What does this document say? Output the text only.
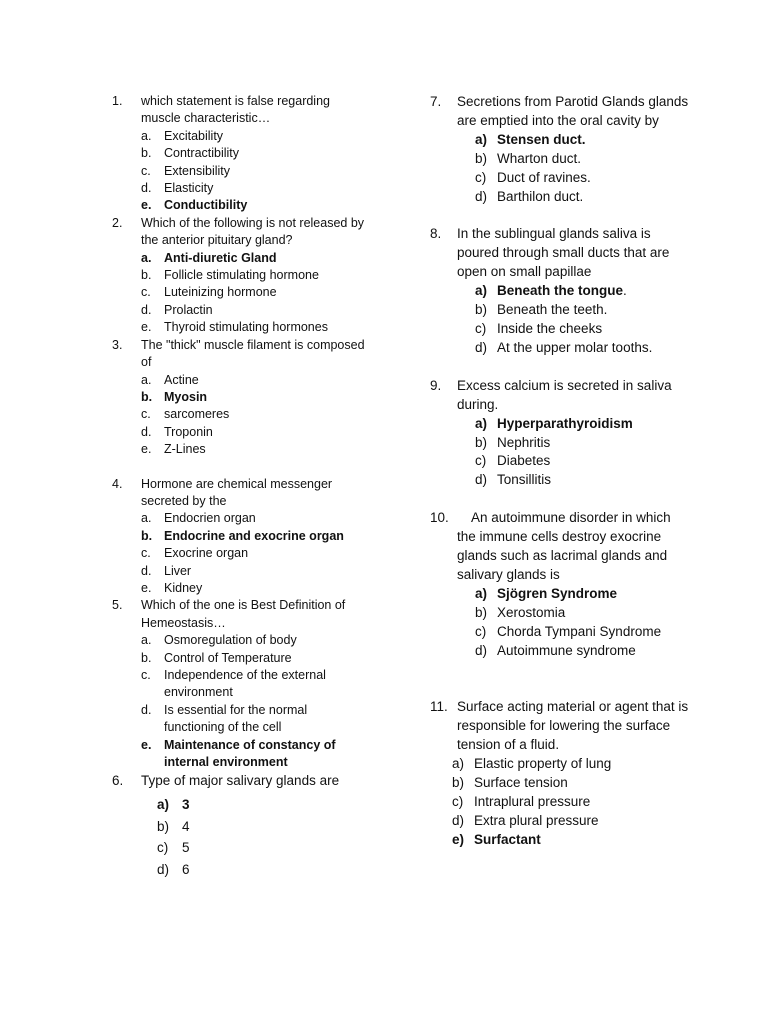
1.	which statement is false regarding muscle characteristic…
a.	Excitability
b.	Contractibility
c.	Extensibility
d.	Elasticity
e.	Conductibility
2.	Which of the following is not released by the anterior pituitary gland?
a.	Anti-diuretic Gland
b.	Follicle stimulating hormone
c.	Luteinizing hormone
d.	Prolactin
e.	Thyroid stimulating hormones
3.	The "thick" muscle filament is composed of
a.	Actine
b. Myosin
c.	sarcomeres
d.	Troponin
e.	Z-Lines
4.	Hormone are chemical messenger secreted by the
a.	Endocrien organ
b. Endocrine and exocrine organ
c.	Exocrine organ
d.	Liver
e.	Kidney
5.	Which of the one is Best Definition of Hemeostasis…
a.	Osmoregulation of body
b.	Control of Temperature
c.	Independence of the external environment
d.	Is essential for the normal functioning of the cell
e.	Maintenance of constancy of internal environment
6.	Type of major salivary glands are
a) 3
b) 4
c)	5
d) 6
7.	Secretions from Parotid Glands glands are emptied into the oral cavity by
a) Stensen duct.
b) Wharton duct.
c) Duct of ravines.
d) Barthilon duct.
8.	In the sublingual glands saliva is poured through small ducts that are open on small papillae
a) Beneath the tongue.
b) Beneath the teeth.
c) Inside the cheeks
d) At the upper molar tooths.
9.	Excess calcium is secreted in saliva during.
a) Hyperparathyroidism
b) Nephritis
c) Diabetes
d) Tonsillitis
10.	An autoimmune disorder in which the immune cells destroy exocrine glands such as lacrimal glands and salivary glands is
a) Sjögren Syndrome
b) Xerostomia
c) Chorda Tympani Syndrome
d) Autoimmune syndrome
11. Surface acting material or agent that is responsible for lowering the surface tension of a fluid.
a) Elastic property of lung
b) Surface tension
c) Intraplural pressure
d) Extra plural pressure
e) Surfactant
